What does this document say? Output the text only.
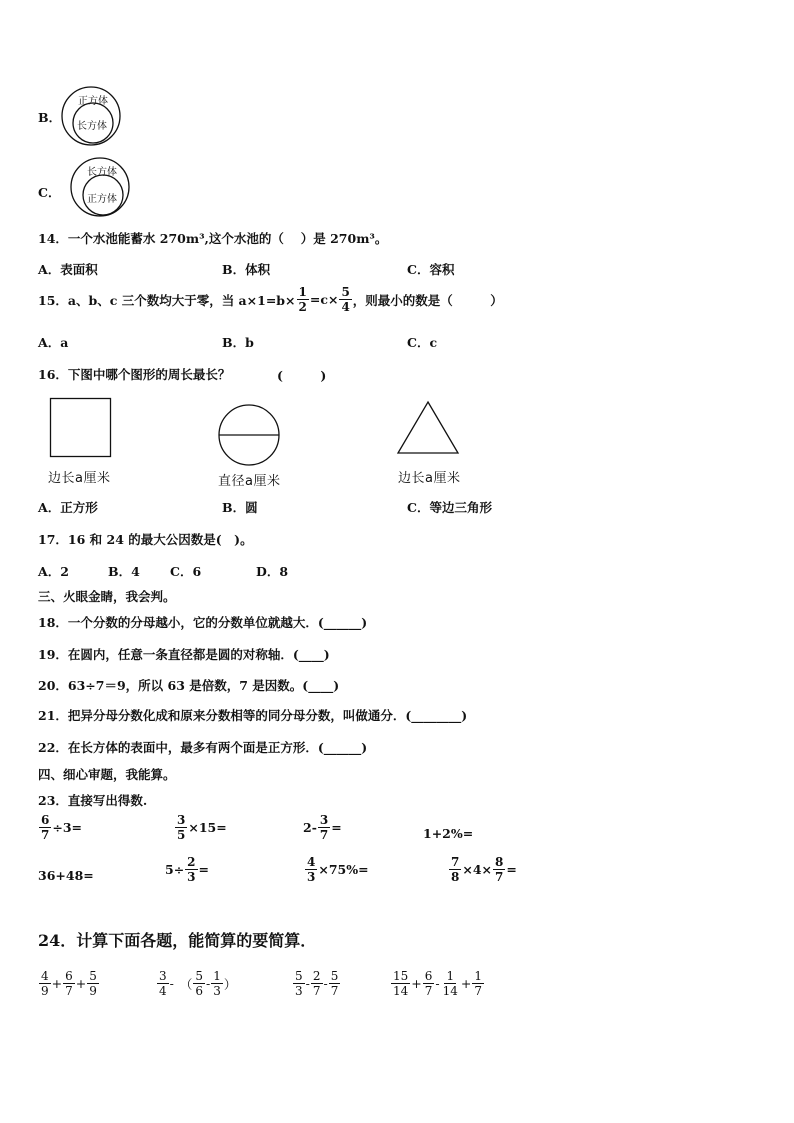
B．
正方体
长方体
C．
长方体
正方体
14．一个水池能蓄水 270m³,这个水池的（　 ）是 270m³。
A．表面积	B．体积	C．容积
15．a、b、c 三个数均大于零，当 $a\times 1=b\times \frac{1}{2} =c\times \frac{5}{4}$ ，则最小的数是（　　　）
A．a	B．b	C．c
16．下图中哪个图形的周长最长？	(　　　)
边长a厘米	直径a厘米	边长a厘米
A．正方形	B．圆	C．等边三角形
17．16 和 24 的最大公因数是(　)。
A．2	B．4 C．6	D．8
三、火眼金睛，我会判。
18．一个分数的分母越小，它的分数单位就越大．(______)
19．在圆内，任意一条直径都是圆的对称轴．(____)
20．63÷7＝9，所以 63 是倍数，7 是因数。(____)
21．把异分母分数化成和原来分数相等的同分母分数，叫做通分．(________)
22．在长方体的表面中，最多有两个面是正方形．(______)
四、细心审题，我能算。
23．直接写出得数.
$\frac{6}{7} \div 3=$	$\frac{3}{5} \times 15=$	$2- \frac{3}{7}$ =	1+2%=
36+48=	$5\div \frac{2}{3}$ =	$\frac{4}{3} \times 75\%=$	$\frac{7}{8} \times 4\times \frac{8}{7}$ =
24．计算下面各题，能简算的要简算．
$\frac{4}{9} + \frac{6}{7} + \frac{5}{9}$	$\frac{3}{4}$ - （ $\frac{5}{6} - \frac{1}{3}$ ）	$\frac{5}{3} - \frac{2}{7} - \frac{5}{7}$	$\frac{15}{14} + \frac{6}{7} - \frac{1}{14} + \frac{1}{7}$
